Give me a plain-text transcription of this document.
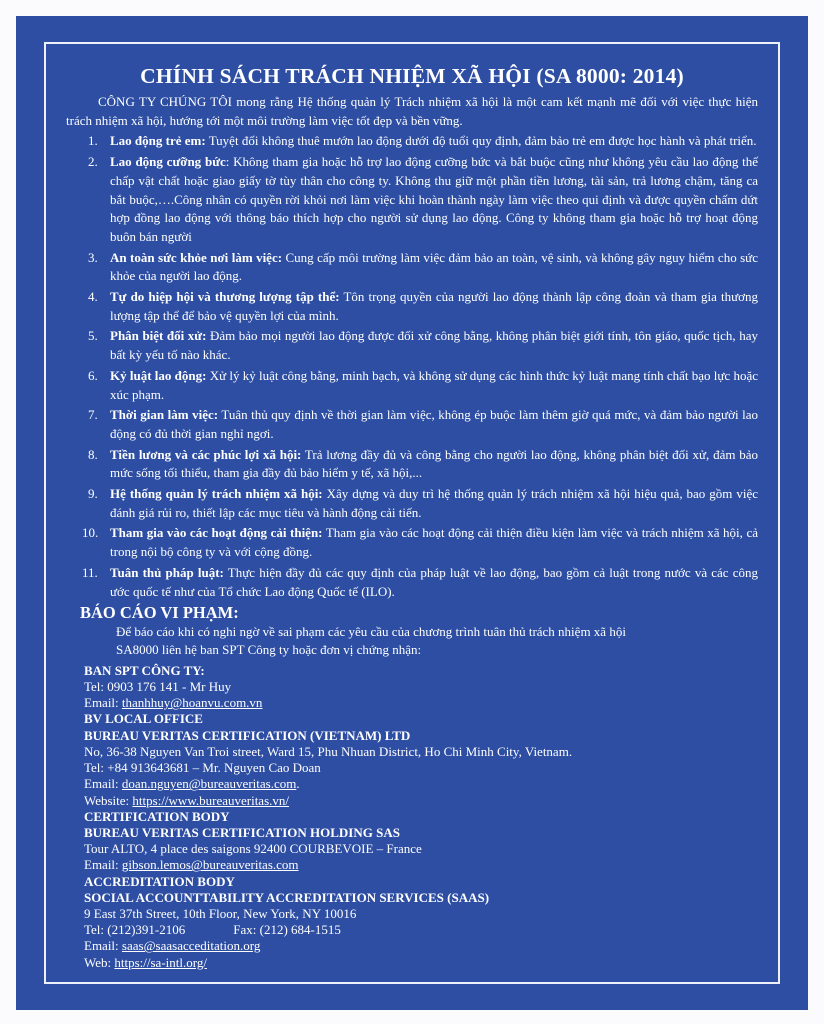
CHÍNH SÁCH TRÁCH NHIỆM XÃ HỘI (SA 8000: 2014)

CÔNG TY CHÚNG TÔI mong rằng Hệ thống quản lý Trách nhiệm xã hội là một cam kết mạnh mẽ đối với việc thực hiện trách nhiệm xã hội, hướng tới một môi trường làm việc tốt đẹp và bền vững.

1. Lao động trẻ em: Tuyệt đối không thuê mướn lao động dưới độ tuổi quy định, đảm bảo trẻ em được học hành và phát triển.
2. Lao động cưỡng bức: Không tham gia hoặc hỗ trợ lao động cưỡng bức và bắt buộc cũng như không yêu cầu lao động thế chấp vật chất hoặc giao giấy tờ tùy thân cho công ty. Không thu giữ một phần tiền lương, tài sản, trả lương chậm, tăng ca bắt buộc,….Công nhân có quyền rời khỏi nơi làm việc khi hoàn thành ngày làm việc theo qui định và được quyền chấm dứt hợp đồng lao động với thông báo thích hợp cho người sử dụng lao động. Công ty không tham gia hoặc hỗ trợ hoạt động buôn bán người
3. An toàn sức khỏe nơi làm việc: Cung cấp môi trường làm việc đảm bảo an toàn, vệ sinh, và không gây nguy hiểm cho sức khỏe của người lao động.
4. Tự do hiệp hội và thương lượng tập thể: Tôn trọng quyền của người lao động thành lập công đoàn và tham gia thương lượng tập thể để bảo vệ quyền lợi của mình.
5. Phân biệt đối xử: Đảm bảo mọi người lao động được đối xử công bằng, không phân biệt giới tính, tôn giáo, quốc tịch, hay bất kỳ yếu tố nào khác.
6. Kỷ luật lao động: Xử lý kỷ luật công bằng, minh bạch, và không sử dụng các hình thức kỷ luật mang tính chất bạo lực hoặc xúc phạm.
7. Thời gian làm việc: Tuân thủ quy định về thời gian làm việc, không ép buộc làm thêm giờ quá mức, và đảm bảo người lao động có đủ thời gian nghỉ ngơi.
8. Tiền lương và các phúc lợi xã hội: Trả lương đầy đủ và công bằng cho người lao động, không phân biệt đối xử, đảm bảo mức sống tối thiểu, tham gia đầy đủ bảo hiểm y tế, xã hội,...
9. Hệ thống quản lý trách nhiệm xã hội: Xây dựng và duy trì hệ thống quản lý trách nhiệm xã hội hiệu quả, bao gồm việc đánh giá rủi ro, thiết lập các mục tiêu và hành động cải tiến.
10. Tham gia vào các hoạt động cải thiện: Tham gia vào các hoạt động cải thiện điều kiện làm việc và trách nhiệm xã hội, cả trong nội bộ công ty và với cộng đồng.
11. Tuân thủ pháp luật: Thực hiện đầy đủ các quy định của pháp luật về lao động, bao gồm cả luật trong nước và các công ước quốc tế như của Tổ chức Lao động Quốc tế (ILO).
BÁO CÁO VI PHẠM:
Để báo cáo khi có nghi ngờ về sai phạm các yêu cầu của chương trình tuân thủ trách nhiệm xã hội
SA8000 liên hệ ban SPT Công ty hoặc đơn vị chứng nhận:
BAN SPT CÔNG TY:
Tel: 0903 176 141 - Mr Huy
Email: thanhhuy@hoanvu.com.vn
BV LOCAL OFFICE
BUREAU VERITAS CERTIFICATION (VIETNAM) LTD
No, 36-38 Nguyen Van Troi street, Ward 15, Phu Nhuan District, Ho Chi Minh City, Vietnam.
Tel: +84 913643681 – Mr. Nguyen Cao Doan
Email: doan.nguyen@bureauveritas.com.
Website: https://www.bureauveritas.vn/
CERTIFICATION BODY
BUREAU VERITAS CERTIFICATION HOLDING SAS
Tour ALTO, 4 place des saigons 92400 COURBEVOIE – France
Email: gibson.lemos@bureauveritas.com
ACCREDITATION BODY
SOCIAL ACCOUNTTABILITY ACCREDITATION SERVICES (SAAS)
9 East 37th Street, 10th Floor, New York, NY 10016
Tel: (212)391-2106	Fax: (212) 684-1515
Email: saas@saasacceditation.org
Web: https://sa-intl.org/
